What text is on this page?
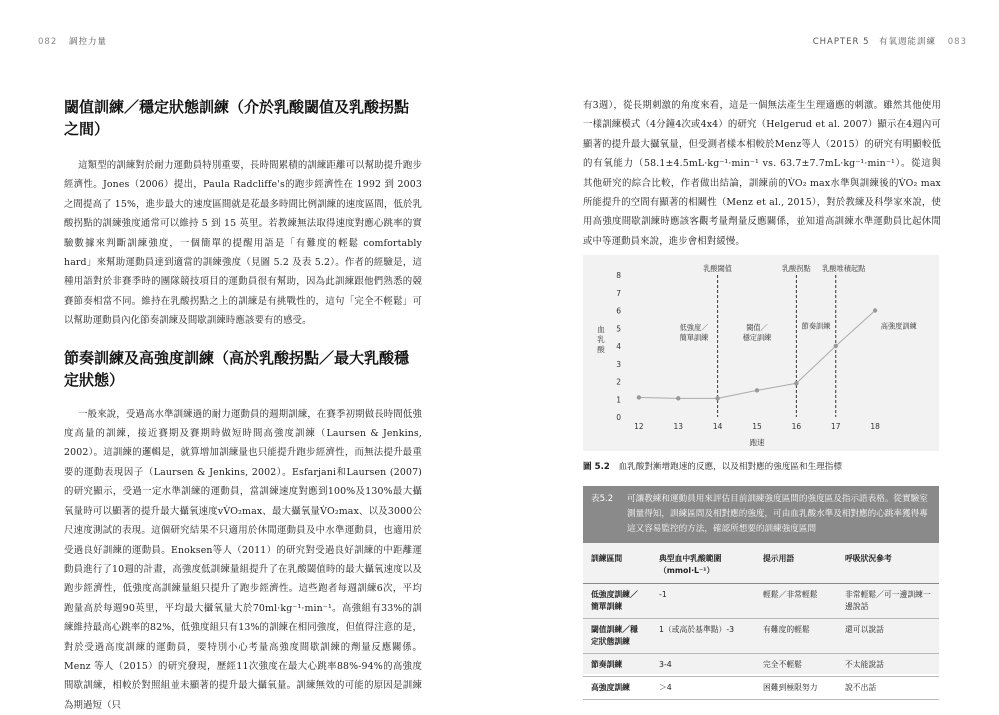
082 調控力量	CHAPTER 5　有氧週能訓練 083
閾值訓練／穩定狀態訓練（介於乳酸閾值及乳酸拐點之間）

這類型的訓練對於耐力運動員特別重要，長時間累積的訓練距離可以幫助提升跑步經濟性。Jones（2006）提出，Paula Radcliffe's的跑步經濟性在 1992 到 2003 之間提高了 15%，進步最大的速度區間就是花最多時間比例訓練的速度區間，低於乳酸拐點的訓練強度通常可以維持 5 到 15 英里。若教練無法取得速度對應心跳率的實驗數據來判斷訓練強度，一個簡單的提醒用語是「有難度的輕鬆 comfortably hard」來幫助運動員達到適當的訓練強度（見圖 5.2 及表 5.2）。作者的經驗是，這種用語對於非賽季時的團隊競技項目的運動員很有幫助，因為此訓練跟他們熟悉的競賽節奏相當不同。維持在乳酸拐點之上的訓練是有挑戰性的，這句「完全不輕鬆」可以幫助運動員內化節奏訓練及間歇訓練時應該要有的感受。

節奏訓練及高強度訓練（高於乳酸拐點／最大乳酸穩定狀態）

一般來說，受過高水準訓練過的耐力運動員的週期訓練，在賽季初期做長時間低強度高量的訓練，接近賽期及賽期時做短時間高強度訓練（Laursen & Jenkins, 2002）。這訓練的邏輯是，就算增加訓練量也只能提升跑步經濟性，而無法提升最重要的運動表現因子（Laursen & Jenkins, 2002）。Esfarjani和Laursen (2007)的研究顯示，受過一定水準訓練的運動員，當訓練速度對應到100%及130%最大攝氧量時可以顯著的提升最大攝氧速度vV̇O₂max、最大攝氧量V̇O₂max、以及3000公尺速度測試的表現。這個研究結果不只適用於休閒運動員及中水準運動員，也適用於受過良好訓練的運動員。Enoksen等人（2011）的研究對受過良好訓練的中距離運動員進行了10週的計畫，高強度低訓練量組提升了在乳酸閾值時的最大攝氧速度以及跑步經濟性，低強度高訓練量組只提升了跑步經濟性。這些跑者每週訓練6次，平均跑量高於每週90英里，平均最大攝氧量大於70ml·kg⁻¹·min⁻¹。高強組有33%的訓練維持最高心跳率的82%，低強度組只有13%的訓練在相同強度，但值得注意的是，對於受過高度訓練的運動員，要特別小心考量高強度間歇訓練的劑量反應關係。Menz 等人（2015）的研究發現，歷經11次強度在最大心跳率88%-94%的高強度間歇訓練，相較於對照組並未顯著的提升最大攝氧量。訓練無效的可能的原因是訓練為期過短（只

有3週），從長期刺激的角度來看，這是一個無法產生生理適應的刺激。雖然其他使用一樣訓練模式（4分鐘4次或4x4）的研究（Helgerud et al. 2007）顯示在4週內可顯著的提升最大攝氧量，但受測者樣本相較於Menz等人（2015）的研究有明顯較低的有氧能力（58.1±4.5mL·kg⁻¹·min⁻¹ vs. 63.7±7.7mL·kg⁻¹·min⁻¹）。從這與其他研究的綜合比較，作者做出結論，訓練前的V̇O₂ max水準與訓練後的V̇O₂ max所能提升的空間有顯著的相關性（Menz et al., 2015），對於教練及科學家來說，使用高強度間歇訓練時應該客觀考量劑量反應關係，並知道高訓練水準運動員比起休閒或中等運動員來說，進步會相對緩慢。

0
1
2
3
4
5
6
7
8
12	13	14	15	16	17	18
血乳酸
跑速
乳酸閾值	乳酸拐點 乳酸堆積起點
低強度／簡單訓練
閾值／穩定訓練
節奏訓練	高強度訓練
圖 5.2 血乳酸對漸增跑速的反應，以及相對應的強度區和生理指標
表5.2	可讓教練和運動員用來評估目前訓練強度區間的強度區及指示語表格。從實驗室測量得知，訓練區間及相對應的強度，可由血乳酸水準及相對應的心跳率獲得專這又容易監控的方法，確認所想要的訓練強度區間
訓練區間	典型血中乳酸範圍（mmol·L⁻¹）	提示用語	呼吸狀況參考
低強度訓練／簡單訓練	-1	輕鬆／非常輕鬆	非常輕鬆／可一邊訓練一邊說話
閾值訓練／穩定狀態訓練	1（或高於基準點）-3	有難度的輕鬆	還可以說話
節奏訓練	3-4	完全不輕鬆	不太能說話
高強度訓練	＞4	困難到極限努力	說不出話
